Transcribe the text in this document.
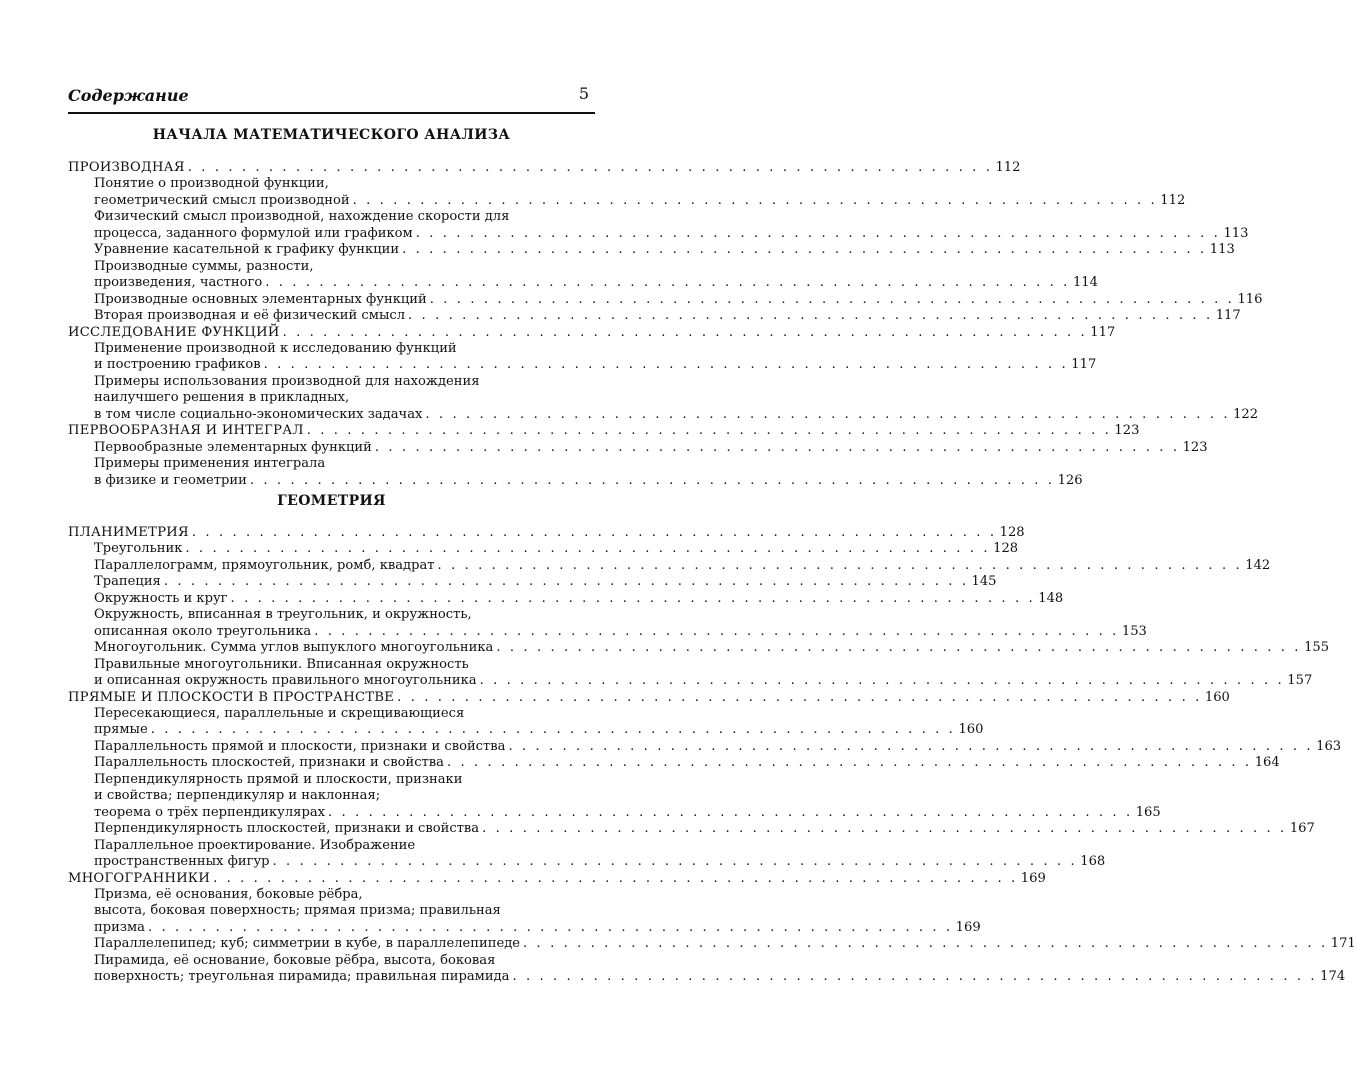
Содержание	5
НАЧАЛА МАТЕМАТИЧЕСКОГО АНАЛИЗА
ПРОИЗВОДНАЯ . . . . . . . . . . . . . . . . . . . . . . . . . . . . . . . . . . . . . . . . . . . . . . . . . . . . . . . . . . . . 112
Понятие о производной функции,
геометрический смысл производной . . . . . . . . . . . . . . . . . . . . . . . . . . . . . . . . . . . . . . . . . . . . . . . . . . . . . . . . . . . . 112
Физический смысл производной, нахождение скорости для
процесса, заданного формулой или графиком . . . . . . . . . . . . . . . . . . . . . . . . . . . . . . . . . . . . . . . . . . . . . . . . . . . . . . . . . . . . 113
Уравнение касательной к графику функции . . . . . . . . . . . . . . . . . . . . . . . . . . . . . . . . . . . . . . . . . . . . . . . . . . . . . . . . . . . . 113
Производные суммы, разности,
произведения, частного . . . . . . . . . . . . . . . . . . . . . . . . . . . . . . . . . . . . . . . . . . . . . . . . . . . . . . . . . . . . 114
Производные основных элементарных функций . . . . . . . . . . . . . . . . . . . . . . . . . . . . . . . . . . . . . . . . . . . . . . . . . . . . . . . . . . . . 116
Вторая производная и её физический смысл . . . . . . . . . . . . . . . . . . . . . . . . . . . . . . . . . . . . . . . . . . . . . . . . . . . . . . . . . . . . 117
ИССЛЕДОВАНИЕ ФУНКЦИЙ . . . . . . . . . . . . . . . . . . . . . . . . . . . . . . . . . . . . . . . . . . . . . . . . . . . . . . . . . . . . 117
Применение производной к исследованию функций
и построению графиков . . . . . . . . . . . . . . . . . . . . . . . . . . . . . . . . . . . . . . . . . . . . . . . . . . . . . . . . . . . . 117
Примеры использования производной для нахождения
наилучшего решения в прикладных,
в том числе социально-экономических задачах . . . . . . . . . . . . . . . . . . . . . . . . . . . . . . . . . . . . . . . . . . . . . . . . . . . . . . . . . . . . 122
ПЕРВООБРАЗНАЯ И ИНТЕГРАЛ . . . . . . . . . . . . . . . . . . . . . . . . . . . . . . . . . . . . . . . . . . . . . . . . . . . . . . . . . . . . 123
Первообразные элементарных функций . . . . . . . . . . . . . . . . . . . . . . . . . . . . . . . . . . . . . . . . . . . . . . . . . . . . . . . . . . . . 123
Примеры применения интеграла
в физике и геометрии . . . . . . . . . . . . . . . . . . . . . . . . . . . . . . . . . . . . . . . . . . . . . . . . . . . . . . . . . . . . 126
ГЕОМЕТРИЯ
ПЛАНИМЕТРИЯ . . . . . . . . . . . . . . . . . . . . . . . . . . . . . . . . . . . . . . . . . . . . . . . . . . . . . . . . . . . . 128
Треугольник . . . . . . . . . . . . . . . . . . . . . . . . . . . . . . . . . . . . . . . . . . . . . . . . . . . . . . . . . . . . 128
Параллелограмм, прямоугольник, ромб, квадрат . . . . . . . . . . . . . . . . . . . . . . . . . . . . . . . . . . . . . . . . . . . . . . . . . . . . . . . . . . . . 142
Трапеция . . . . . . . . . . . . . . . . . . . . . . . . . . . . . . . . . . . . . . . . . . . . . . . . . . . . . . . . . . . . 145
Окружность и круг . . . . . . . . . . . . . . . . . . . . . . . . . . . . . . . . . . . . . . . . . . . . . . . . . . . . . . . . . . . . 148
Окружность, вписанная в треугольник, и окружность,
описанная около треугольника . . . . . . . . . . . . . . . . . . . . . . . . . . . . . . . . . . . . . . . . . . . . . . . . . . . . . . . . . . . . 153
Многоугольник. Сумма углов выпуклого многоугольника . . . . . . . . . . . . . . . . . . . . . . . . . . . . . . . . . . . . . . . . . . . . . . . . . . . . . . . . . . . . 155
Правильные многоугольники. Вписанная окружность
и описанная окружность правильного многоугольника . . . . . . . . . . . . . . . . . . . . . . . . . . . . . . . . . . . . . . . . . . . . . . . . . . . . . . . . . . . . 157
ПРЯМЫЕ И ПЛОСКОСТИ В ПРОСТРАНСТВЕ . . . . . . . . . . . . . . . . . . . . . . . . . . . . . . . . . . . . . . . . . . . . . . . . . . . . . . . . . . . . 160
Пересекающиеся, параллельные и скрещивающиеся
прямые . . . . . . . . . . . . . . . . . . . . . . . . . . . . . . . . . . . . . . . . . . . . . . . . . . . . . . . . . . . . 160
Параллельность прямой и плоскости, признаки и свойства . . . . . . . . . . . . . . . . . . . . . . . . . . . . . . . . . . . . . . . . . . . . . . . . . . . . . . . . . . . . 163
Параллельность плоскостей, признаки и свойства . . . . . . . . . . . . . . . . . . . . . . . . . . . . . . . . . . . . . . . . . . . . . . . . . . . . . . . . . . . . 164
Перпендикулярность прямой и плоскости, признаки
и свойства; перпендикуляр и наклонная;
теорема о трёх перпендикулярах . . . . . . . . . . . . . . . . . . . . . . . . . . . . . . . . . . . . . . . . . . . . . . . . . . . . . . . . . . . . 165
Перпендикулярность плоскостей, признаки и свойства . . . . . . . . . . . . . . . . . . . . . . . . . . . . . . . . . . . . . . . . . . . . . . . . . . . . . . . . . . . . 167
Параллельное проектирование. Изображение
пространственных фигур . . . . . . . . . . . . . . . . . . . . . . . . . . . . . . . . . . . . . . . . . . . . . . . . . . . . . . . . . . . . 168
МНОГОГРАННИКИ . . . . . . . . . . . . . . . . . . . . . . . . . . . . . . . . . . . . . . . . . . . . . . . . . . . . . . . . . . . . 169
Призма, её основания, боковые рёбра,
высота, боковая поверхность; прямая призма; правильная
призма . . . . . . . . . . . . . . . . . . . . . . . . . . . . . . . . . . . . . . . . . . . . . . . . . . . . . . . . . . . . 169
Параллелепипед; куб; симметрии в кубе, в параллелепипеде . . . . . . . . . . . . . . . . . . . . . . . . . . . . . . . . . . . . . . . . . . . . . . . . . . . . . . . . . . . . 171
Пирамида, её основание, боковые рёбра, высота, боковая
поверхность; треугольная пирамида; правильная пирамида . . . . . . . . . . . . . . . . . . . . . . . . . . . . . . . . . . . . . . . . . . . . . . . . . . . . . . . . . . . . 174
